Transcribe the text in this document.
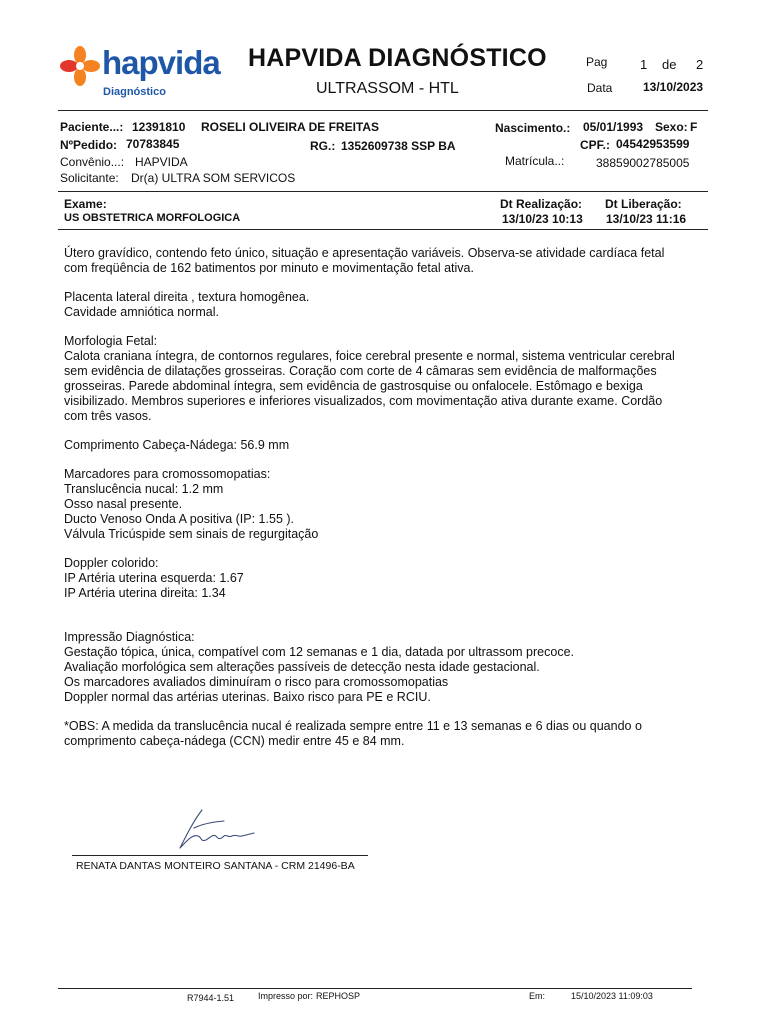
hapvida
Diagnóstico
HAPVIDA DIAGNÓSTICO
ULTRASSOM - HTL
Pag	1 de 2
Data	13/10/2023
Paciente...: 12391810 ROSELI OLIVEIRA DE FREITAS	Nascimento.: 05/01/1993 Sexo: F
NºPedido: 70783845	RG.: 1352609738 SSP BA	CPF.: 04542953599
Convênio...: HAPVIDA	Matrícula..:	38859002785005
Solicitante: Dr(a) ULTRA SOM SERVICOS
Exame:
US OBSTETRICA MORFOLOGICA
Dt Realização:
13/10/23 10:13
Dt Liberação:
13/10/23 11:16

Útero gravídico, contendo feto único, situação e apresentação variáveis. Observa-se atividade cardíaca fetal
com freqüência de 162 batimentos por minuto e movimentação fetal ativa.

Placenta lateral direita , textura homogênea.
Cavidade amniótica normal.

Morfologia Fetal:
Calota craniana íntegra, de contornos regulares, foice cerebral presente e normal, sistema ventricular cerebral
sem evidência de dilatações grosseiras. Coração com corte de 4 câmaras sem evidência de malformações
grosseiras. Parede abdominal íntegra, sem evidência de gastrosquise ou onfalocele. Estômago e bexiga
visibilizado. Membros superiores e inferiores visualizados, com movimentação ativa durante exame. Cordão
com três vasos.

Comprimento Cabeça-Nádega: 56.9 mm

Marcadores para cromossomopatias:
Translucência nucal: 1.2 mm
Osso nasal presente.
Ducto Venoso Onda A positiva (IP: 1.55 ).
Válvula Tricúspide sem sinais de regurgitação

Doppler colorido:
IP Artéria uterina esquerda: 1.67
IP Artéria uterina direita: 1.34

Impressão Diagnóstica:
Gestação tópica, única, compatível com 12 semanas e 1 dia, datada por ultrassom precoce.
Avaliação morfológica sem alterações passíveis de detecção nesta idade gestacional.
Os marcadores avaliados diminuíram o risco para cromossomopatias
Doppler normal das artérias uterinas. Baixo risco para PE e RCIU.

*OBS: A medida da translucência nucal é realizada sempre entre 11 e 13 semanas e 6 dias ou quando o
comprimento cabeça-nádega (CCN) medir entre 45 e 84 mm.

RENATA DANTAS MONTEIRO SANTANA - CRM 21496-BA
R7944-1.51	Impresso por: REPHOSP	Em:	15/10/2023 11:09:03
